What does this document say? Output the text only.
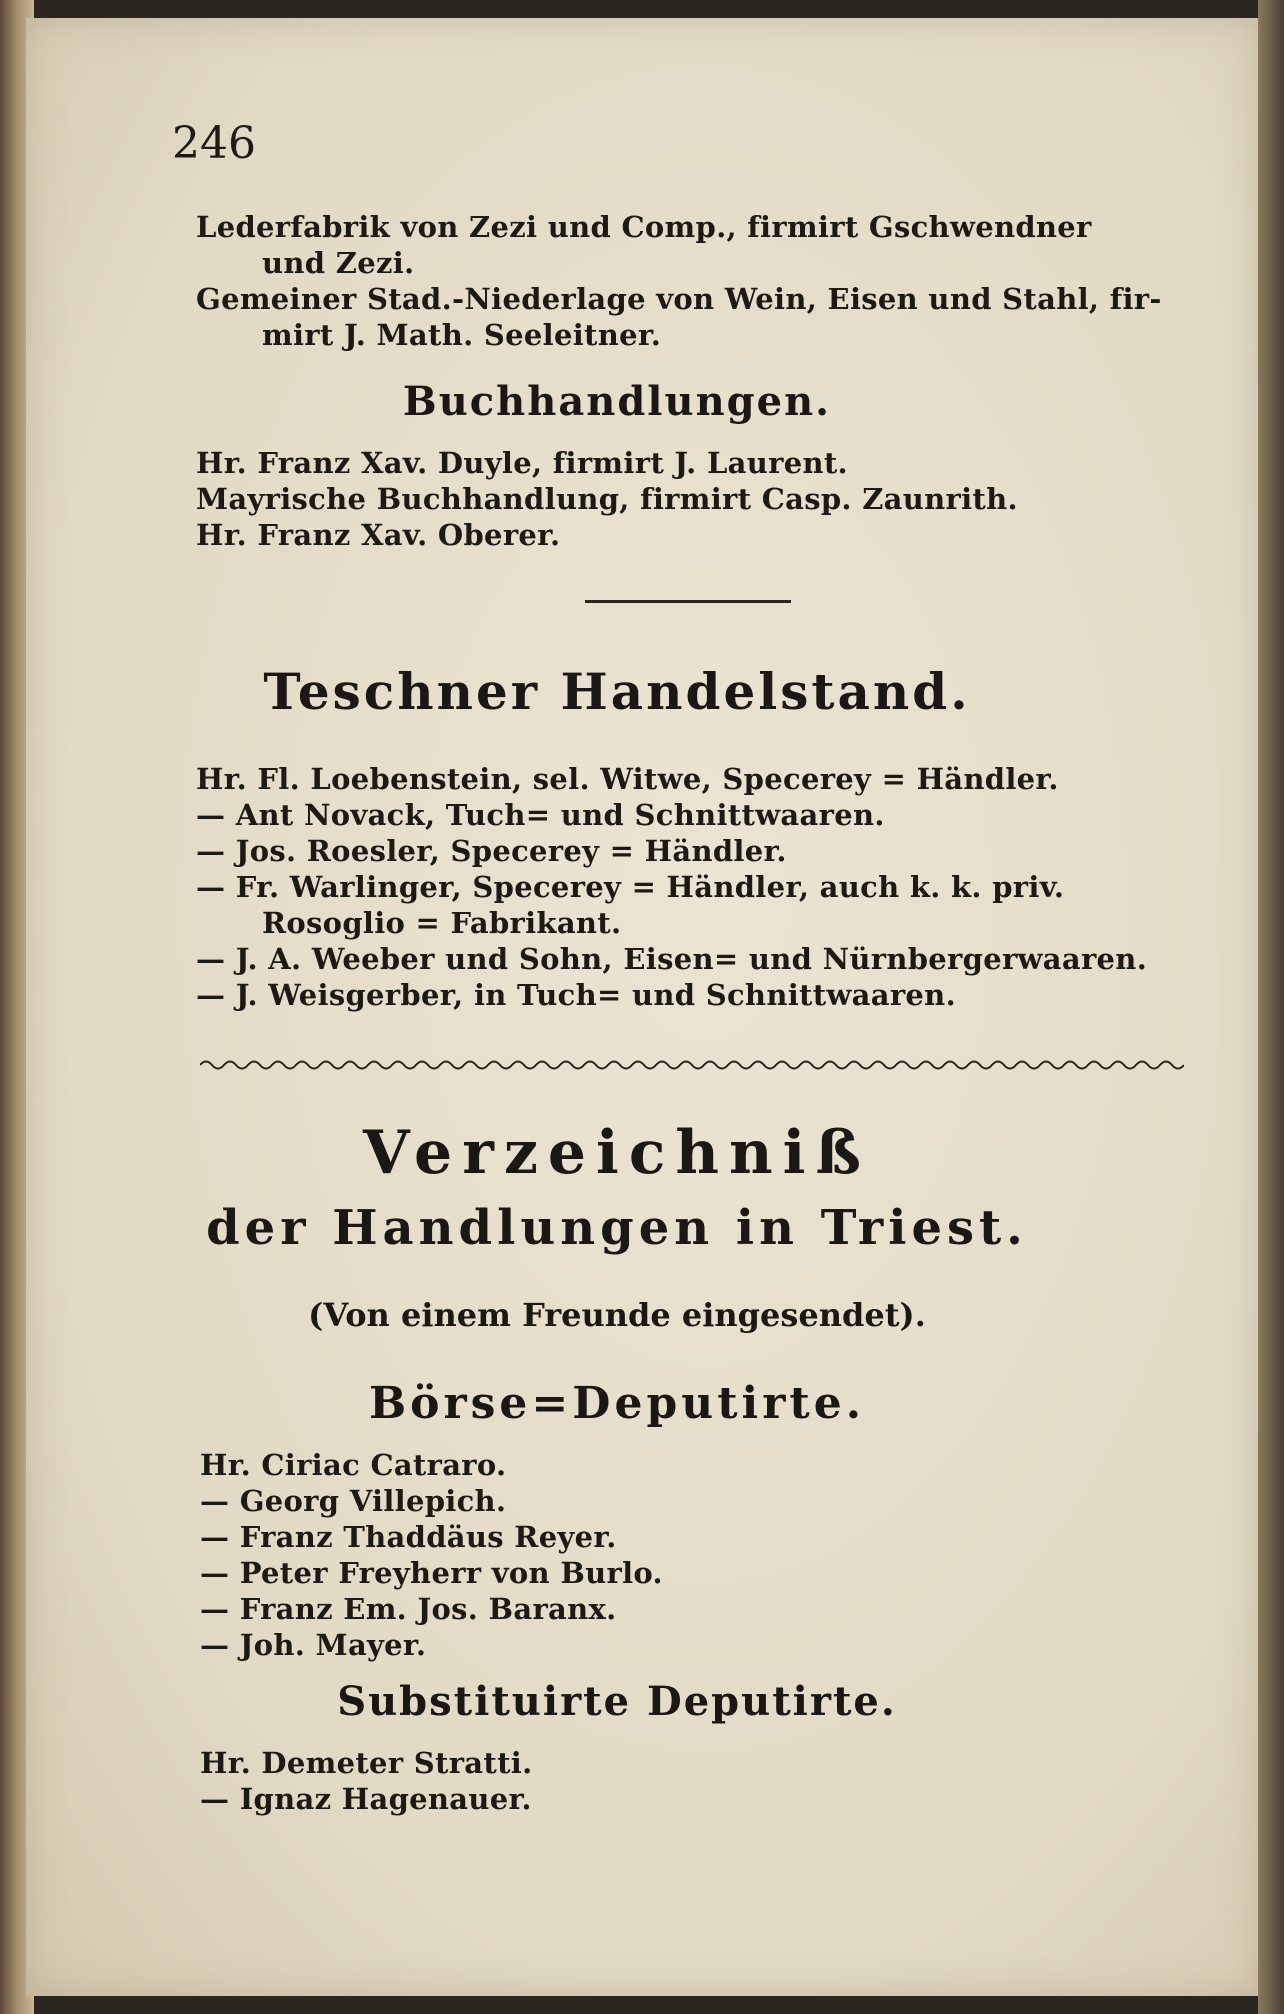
246
Lederfabrik von Zezi und Comp., firmirt Gschwendner
und Zezi.
Gemeiner Stad.-Niederlage von Wein, Eisen und Stahl, fir-
mirt J. Math. Seeleitner.
Buchhandlungen.
Hr. Franz Xav. Duyle, firmirt J. Laurent.
Mayrische Buchhandlung, firmirt Casp. Zaunrith.
Hr. Franz Xav. Oberer.
Teschner Handelstand.
Hr. Fl. Loebenstein, sel. Witwe, Specerey = Händler.
— Ant Novack, Tuch= und Schnittwaaren.
— Jos. Roesler, Specerey = Händler.
— Fr. Warlinger, Specerey = Händler, auch k. k. priv.
Rosoglio = Fabrikant.
— J. A. Weeber und Sohn, Eisen= und Nürnbergerwaaren.
— J. Weisgerber, in Tuch= und Schnittwaaren.
Verzeichniß
der Handlungen in Triest.
(Von einem Freunde eingesendet).
Börse=Deputirte.
Hr. Ciriac Catraro.
— Georg Villepich.
— Franz Thaddäus Reyer.
— Peter Freyherr von Burlo.
— Franz Em. Jos. Baranx.
— Joh. Mayer.
Substituirte Deputirte.
Hr. Demeter Stratti.
— Ignaz Hagenauer.
